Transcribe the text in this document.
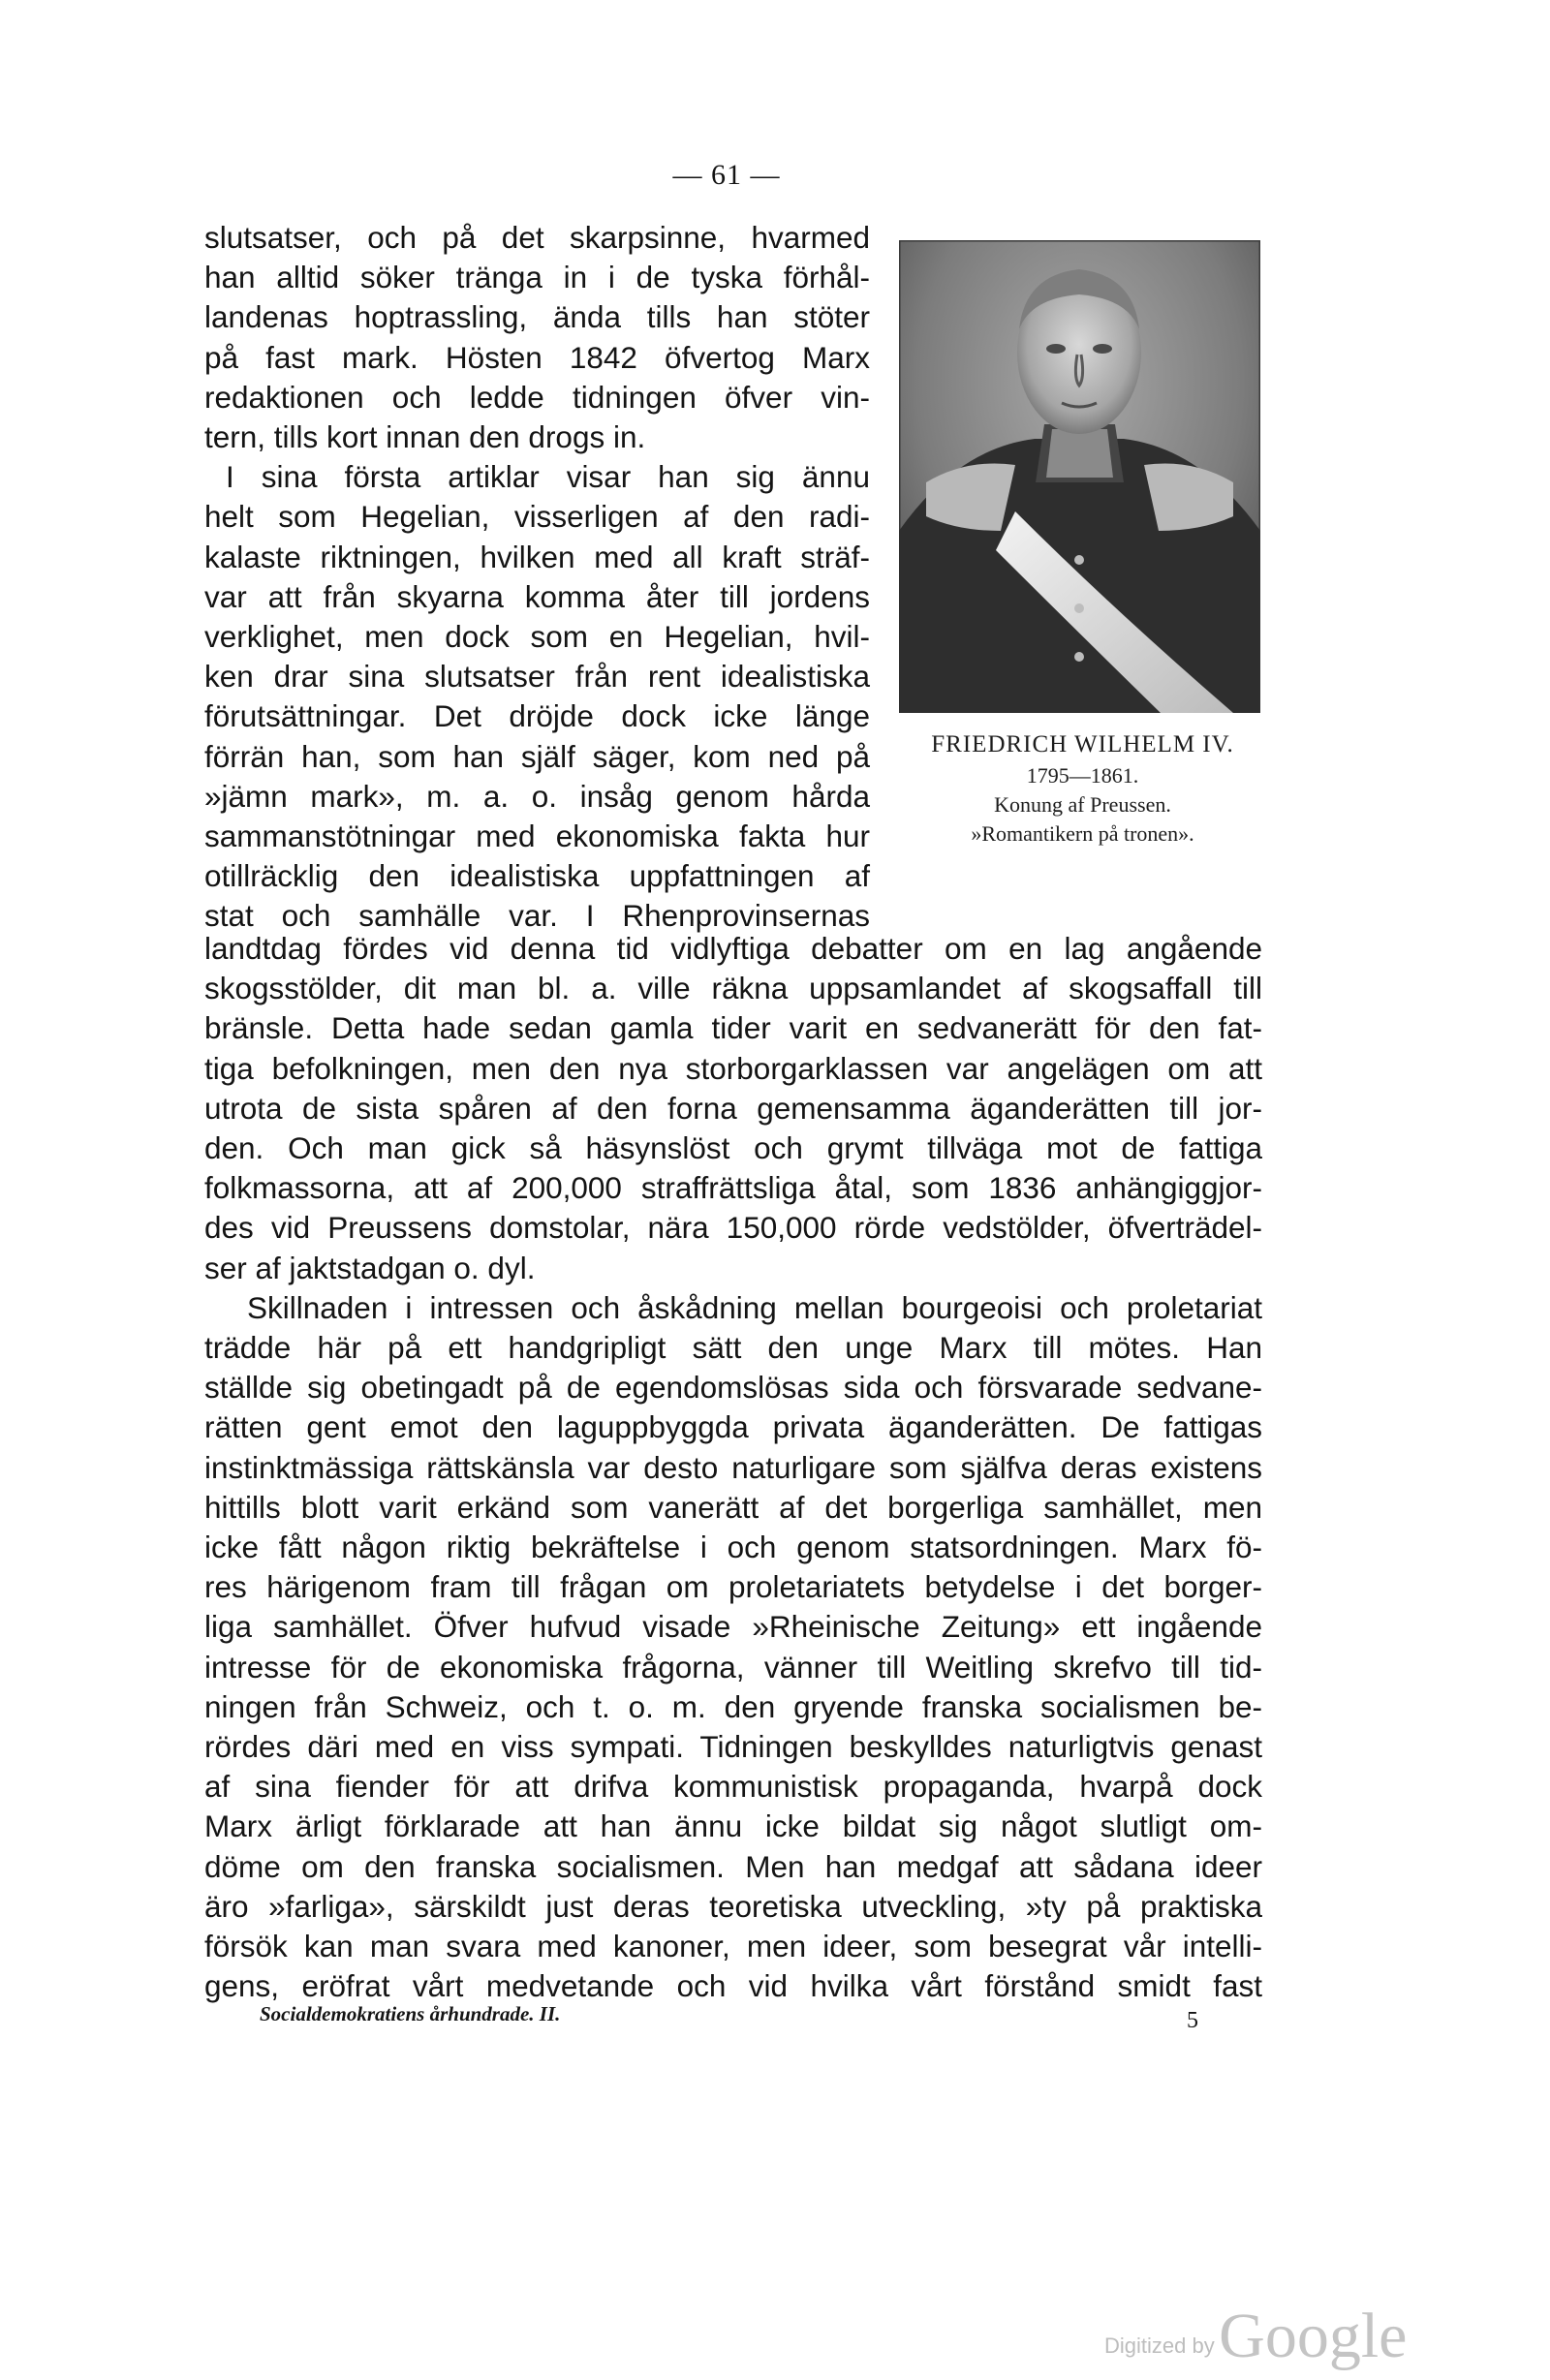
— 61 —
slutsatser, och på det skarpsinne, hvarmed
han alltid söker tränga in i de tyska förhål-
landenas hoptrassling, ända tills han stöter
på fast mark. Hösten 1842 öfvertog Marx
redaktionen och ledde tidningen öfver vin-
tern, tills kort innan den drogs in.
I sina första artiklar visar han sig ännu
helt som Hegelian, visserligen af den radi-
kalaste riktningen, hvilken med all kraft sträf-
var att från skyarna komma åter till jordens
verklighet, men dock som en Hegelian, hvil-
ken drar sina slutsatser från rent idealistiska
förutsättningar. Det dröjde dock icke länge
förrän han, som han själf säger, kom ned på
»jämn mark», m. a. o. insåg genom hårda
sammanstötningar med ekonomiska fakta hur
otillräcklig den idealistiska uppfattningen af
stat och samhälle var. I Rhenprovinsernas
FRIEDRICH WILHELM IV.
1795—1861.
Konung af Preussen.
»Romantikern på tronen».
landtdag fördes vid denna tid vidlyftiga debatter om en lag angående
skogsstölder, dit man bl. a. ville räkna uppsamlandet af skogsaffall till
bränsle. Detta hade sedan gamla tider varit en sedvanerätt för den fat-
tiga befolkningen, men den nya storborgarklassen var angelägen om att
utrota de sista spåren af den forna gemensamma äganderätten till jor-
den. Och man gick så häsynslöst och grymt tillväga mot de fattiga
folkmassorna, att af 200,000 straffrättsliga åtal, som 1836 anhängiggjor-
des vid Preussens domstolar, nära 150,000 rörde vedstölder, öfverträdel-
ser af jaktstadgan o. dyl.
Skillnaden i intressen och åskådning mellan bourgeoisi och proletariat
trädde här på ett handgripligt sätt den unge Marx till mötes. Han
ställde sig obetingadt på de egendomslösas sida och försvarade sedvane-
rätten gent emot den laguppbyggda privata äganderätten. De fattigas
instinktmässiga rättskänsla var desto naturligare som själfva deras existens
hittills blott varit erkänd som vanerätt af det borgerliga samhället, men
icke fått någon riktig bekräftelse i och genom statsordningen. Marx fö-
res härigenom fram till frågan om proletariatets betydelse i det borger-
liga samhället. Öfver hufvud visade »Rheinische Zeitung» ett ingående
intresse för de ekonomiska frågorna, vänner till Weitling skrefvo till tid-
ningen från Schweiz, och t. o. m. den gryende franska socialismen be-
rördes däri med en viss sympati. Tidningen beskylldes naturligtvis genast
af sina fiender för att drifva kommunistisk propaganda, hvarpå dock
Marx ärligt förklarade att han ännu icke bildat sig något slutligt om-
döme om den franska socialismen. Men han medgaf att sådana ideer
äro »farliga», särskildt just deras teoretiska utveckling, »ty på praktiska
försök kan man svara med kanoner, men ideer, som besegrat vår intelli-
gens, eröfrat vårt medvetande och vid hvilka vårt förstånd smidt fast
Socialdemokratiens århundrade. II.	5
Digitized by Google
